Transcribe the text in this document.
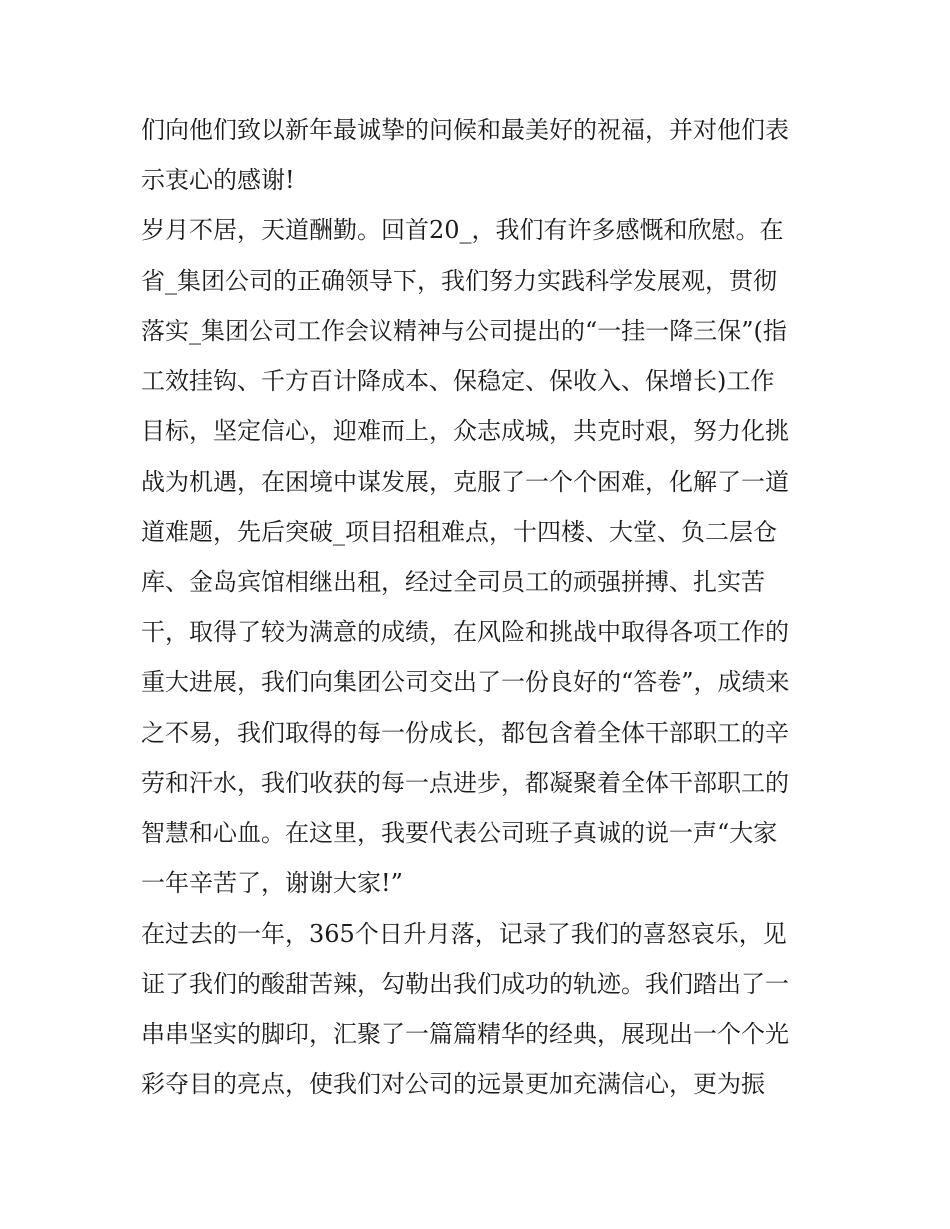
们向他们致以新年最诚挚的问候和最美好的祝福，并对他们表
示衷心的感谢!
岁月不居，天道酬勤。回首20_，我们有许多感慨和欣慰。在
省_集团公司的正确领导下，我们努力实践科学发展观，贯彻
落实_集团公司工作会议精神与公司提出的“一挂一降三保”(指
工效挂钩、千方百计降成本、保稳定、保收入、保增长)工作
目标，坚定信心，迎难而上，众志成城，共克时艰，努力化挑
战为机遇，在困境中谋发展，克服了一个个困难，化解了一道
道难题，先后突破_项目招租难点，十四楼、大堂、负二层仓
库、金岛宾馆相继出租，经过全司员工的顽强拼搏、扎实苦
干，取得了较为满意的成绩，在风险和挑战中取得各项工作的
重大进展，我们向集团公司交出了一份良好的“答卷”，成绩来
之不易，我们取得的每一份成长，都包含着全体干部职工的辛
劳和汗水，我们收获的每一点进步，都凝聚着全体干部职工的
智慧和心血。在这里，我要代表公司班子真诚的说一声“大家
一年辛苦了，谢谢大家!”
在过去的一年，365个日升月落，记录了我们的喜怒哀乐，见
证了我们的酸甜苦辣，勾勒出我们成功的轨迹。我们踏出了一
串串坚实的脚印，汇聚了一篇篇精华的经典，展现出一个个光
彩夺目的亮点，使我们对公司的远景更加充满信心，更为振
